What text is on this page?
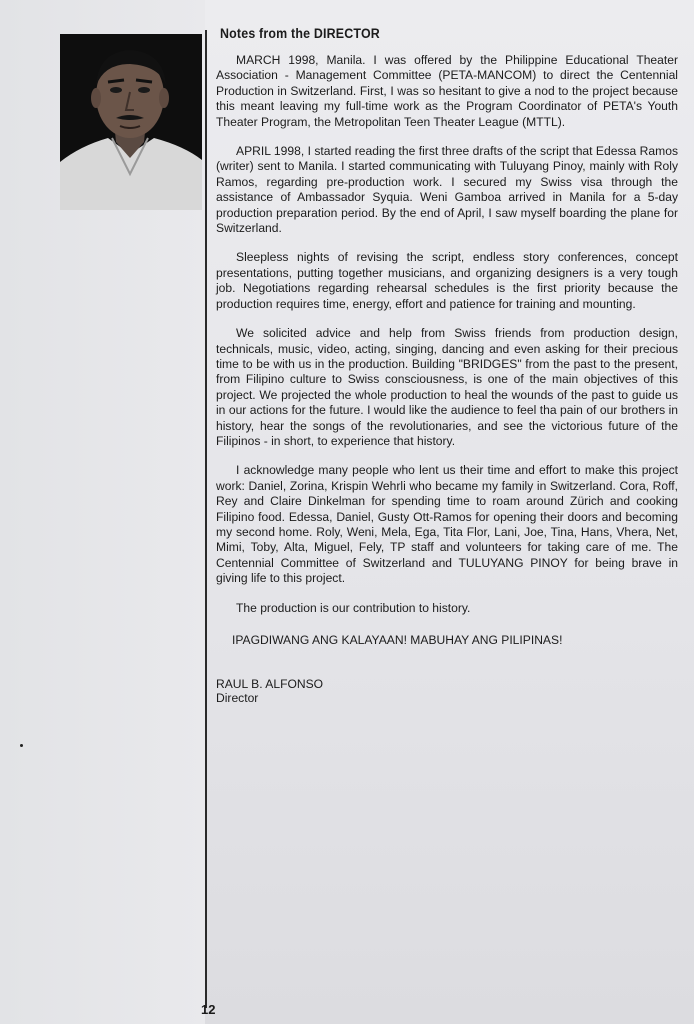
Notes from the DIRECTOR

MARCH 1998, Manila. I was offered by the Philippine Educational Theater Association - Management Committee (PETA-MANCOM) to direct the Centennial Production in Switzerland. First, I was so hesitant to give a nod to the project because this meant leaving my full-time work as the Program Coordinator of PETA's Youth Theater Program, the Metropolitan Teen Theater League (MTTL).

APRIL 1998, I started reading the first three drafts of the script that Edessa Ramos (writer) sent to Manila. I started communicating with Tuluyang Pinoy, mainly with Roly Ramos, regarding pre-production work. I secured my Swiss visa through the assistance of Ambassador Syquia. Weni Gamboa arrived in Manila for a 5-day production preparation period. By the end of April, I saw myself boarding the plane for Switzerland.

Sleepless nights of revising the script, endless story conferences, concept presentations, putting together musicians, and organizing designers is a very tough job. Negotiations regarding rehearsal schedules is the first priority because the production requires time, energy, effort and patience for training and mounting.

We solicited advice and help from Swiss friends from production design, technicals, music, video, acting, singing, dancing and even asking for their precious time to be with us in the production. Building "BRIDGES" from the past to the present, from Filipino culture to Swiss consciousness, is one of the main objectives of this project. We projected the whole production to heal the wounds of the past to guide us in our actions for the future. I would like the audience to feel tha pain of our brothers in history, hear the songs of the revolutionaries, and see the victorious future of the Filipinos - in short, to experience that history.

I acknowledge many people who lent us their time and effort to make this project work: Daniel, Zorina, Krispin Wehrli who became my family in Switzerland. Cora, Roff, Rey and Claire Dinkelman for spending time to roam around Zürich and cooking Filipino food. Edessa, Daniel, Gusty Ott-Ramos for opening their doors and becoming my second home. Roly, Weni, Mela, Ega, Tita Flor, Lani, Joe, Tina, Hans, Vhera, Net, Mimi, Toby, Alta, Miguel, Fely, TP staff and volunteers for taking care of me. The Centennial Committee of Switzerland and TULUYANG PINOY for being brave in giving life to this project.

The production is our contribution to history.

IPAGDIWANG ANG KALAYAAN! MABUHAY ANG PILIPINAS!

RAUL B. ALFONSO

Director

12
